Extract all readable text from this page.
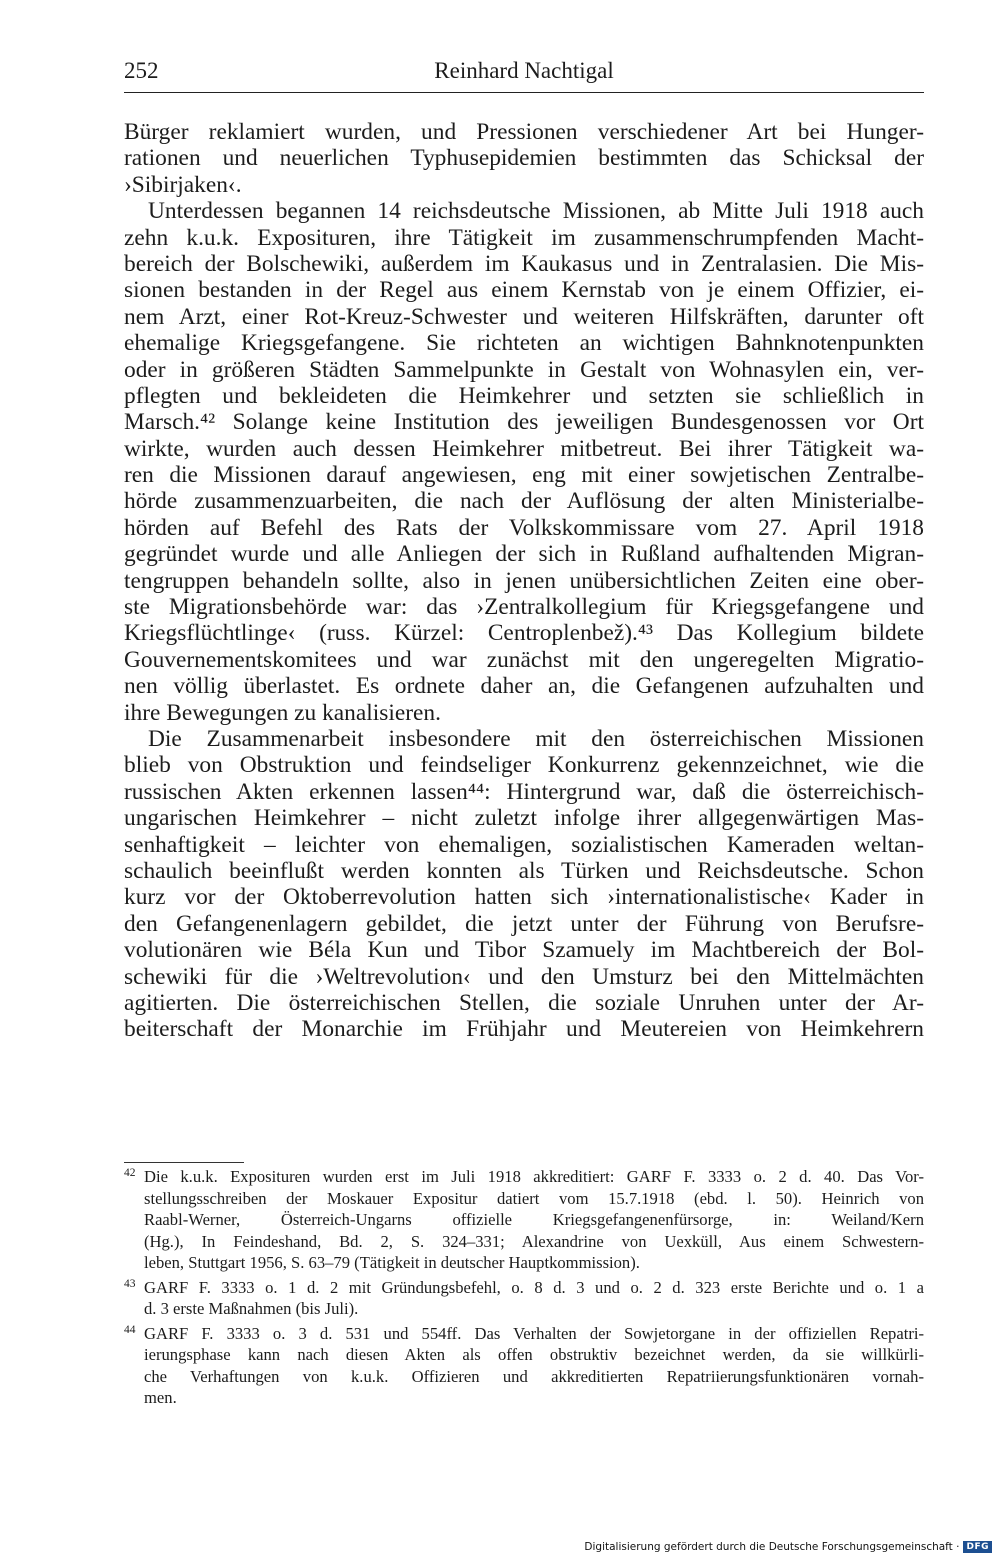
252	Reinhard Nachtigal
Bürger reklamiert wurden, und Pressionen verschiedener Art bei Hunger-
rationen und neuerlichen Typhusepidemien bestimmten das Schicksal der
›Sibirjaken‹.
Unterdessen begannen 14 reichsdeutsche Missionen, ab Mitte Juli 1918 auch
zehn k.u.k. Exposituren, ihre Tätigkeit im zusammenschrumpfenden Macht-
bereich der Bolschewiki, außerdem im Kaukasus und in Zentralasien. Die Mis-
sionen bestanden in der Regel aus einem Kernstab von je einem Offizier, ei-
nem Arzt, einer Rot-Kreuz-Schwester und weiteren Hilfskräften, darunter oft
ehemalige Kriegsgefangene. Sie richteten an wichtigen Bahnknotenpunkten
oder in größeren Städten Sammelpunkte in Gestalt von Wohnasylen ein, ver-
pflegten und bekleideten die Heimkehrer und setzten sie schließlich in
Marsch.⁴² Solange keine Institution des jeweiligen Bundesgenossen vor Ort
wirkte, wurden auch dessen Heimkehrer mitbetreut. Bei ihrer Tätigkeit wa-
ren die Missionen darauf angewiesen, eng mit einer sowjetischen Zentralbe-
hörde zusammenzuarbeiten, die nach der Auflösung der alten Ministerialbe-
hörden auf Befehl des Rats der Volkskommissare vom 27. April 1918
gegründet wurde und alle Anliegen der sich in Rußland aufhaltenden Migran-
tengruppen behandeln sollte, also in jenen unübersichtlichen Zeiten eine ober-
ste Migrationsbehörde war: das ›Zentralkollegium für Kriegsgefangene und
Kriegsflüchtlinge‹ (russ. Kürzel: Centroplenbež).⁴³ Das Kollegium bildete
Gouvernementskomitees und war zunächst mit den ungeregelten Migratio-
nen völlig überlastet. Es ordnete daher an, die Gefangenen aufzuhalten und
ihre Bewegungen zu kanalisieren.
Die Zusammenarbeit insbesondere mit den österreichischen Missionen
blieb von Obstruktion und feindseliger Konkurrenz gekennzeichnet, wie die
russischen Akten erkennen lassen⁴⁴: Hintergrund war, daß die österreichisch-
ungarischen Heimkehrer – nicht zuletzt infolge ihrer allgegenwärtigen Mas-
senhaftigkeit – leichter von ehemaligen, sozialistischen Kameraden weltan-
schaulich beeinflußt werden konnten als Türken und Reichsdeutsche. Schon
kurz vor der Oktoberrevolution hatten sich ›internationalistische‹ Kader in
den Gefangenenlagern gebildet, die jetzt unter der Führung von Berufsre-
volutionären wie Béla Kun und Tibor Szamuely im Machtbereich der Bol-
schewiki für die ›Weltrevolution‹ und den Umsturz bei den Mittelmächten
agitierten. Die österreichischen Stellen, die soziale Unruhen unter der Ar-
beiterschaft der Monarchie im Frühjahr und Meutereien von Heimkehrern
42 Die k.u.k. Exposituren wurden erst im Juli 1918 akkreditiert: GARF F. 3333 o. 2 d. 40. Das Vor-
stellungsschreiben der Moskauer Expositur datiert vom 15.7.1918 (ebd. l. 50). Heinrich von
Raabl-Werner, Österreich-Ungarns offizielle Kriegsgefangenenfürsorge, in: Weiland/Kern
(Hg.), In Feindeshand, Bd. 2, S. 324–331; Alexandrine von Uexküll, Aus einem Schwestern-
leben, Stuttgart 1956, S. 63–79 (Tätigkeit in deutscher Hauptkommission).
43 GARF F. 3333 o. 1 d. 2 mit Gründungsbefehl, o. 8 d. 3 und o. 2 d. 323 erste Berichte und o. 1 a
d. 3 erste Maßnahmen (bis Juli).
44 GARF F. 3333 o. 3 d. 531 und 554ff. Das Verhalten der Sowjetorgane in der offiziellen Repatri-
ierungsphase kann nach diesen Akten als offen obstruktiv bezeichnet werden, da sie willkürli-
che Verhaftungen von k.u.k. Offizieren und akkreditierten Repatriierungsfunktionären vornah-
men.
Digitalisierung gefördert durch die Deutsche Forschungsgemeinschaft · DFG
